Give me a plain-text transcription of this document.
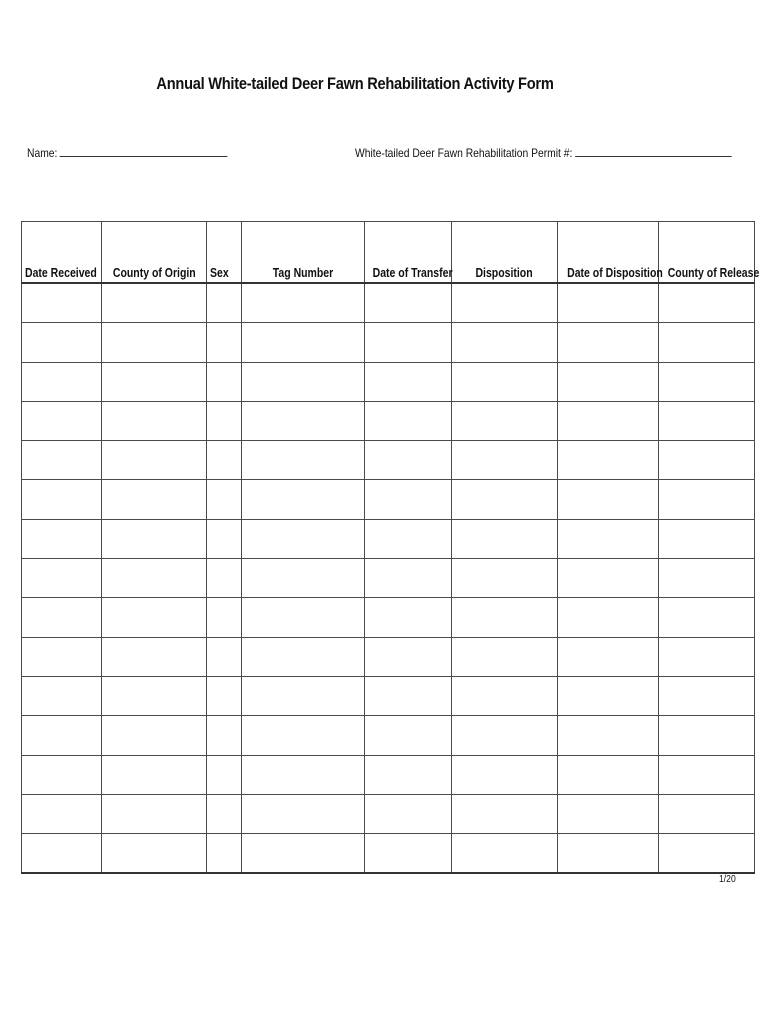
Annual White-tailed Deer Fawn Rehabilitation Activity Form
Name:	White-tailed Deer Fawn Rehabilitation Permit #:
Date Received	County of Origin	Sex	Tag Number	Date of Transfer	Disposition	Date of Disposition	County of Release

1/20
